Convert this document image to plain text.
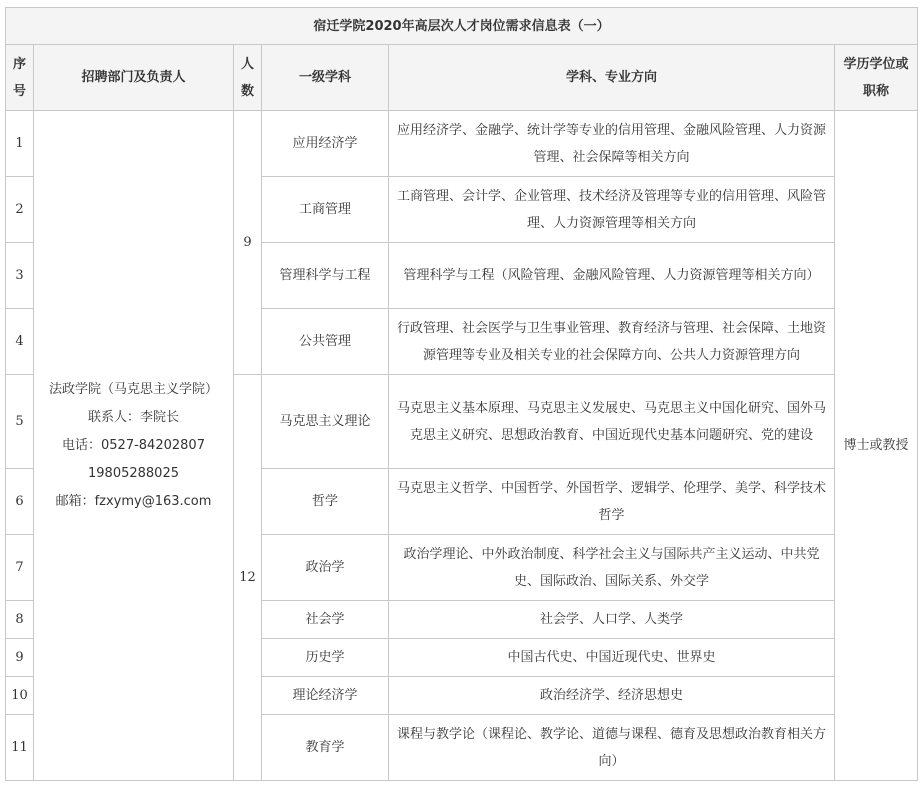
宿迁学院2020年高层次人才岗位需求信息表（一）					
序号	招聘部门及负责人	人数	一级学科	学科、专业方向	学历学位或职称
1	法政学院（马克思主义学院）
联系人：李院长
电话：0527-84202807
19805288025
邮箱：fzxymy@163.com	9	应用经济学	应用经济学、金融学、统计学等专业的信用管理、金融风险管理、人力资源管理、社会保障等相关方向	博士或教授
2			工商管理	工商管理、会计学、企业管理、技术经济及管理等专业的信用管理、风险管理、人力资源管理等相关方向	
3			管理科学与工程	管理科学与工程（风险管理、金融风险管理、人力资源管理等相关方向）	
4			公共管理	行政管理、社会医学与卫生事业管理、教育经济与管理、社会保障、土地资源管理等专业及相关专业的社会保障方向、公共人力资源管理方向	
5		12	马克思主义理论	马克思主义基本原理、马克思主义发展史、马克思主义中国化研究、国外马克思主义研究、思想政治教育、中国近现代史基本问题研究、党的建设	
6			哲学	马克思主义哲学、中国哲学、外国哲学、逻辑学、伦理学、美学、科学技术哲学	
7			政治学	政治学理论、中外政治制度、科学社会主义与国际共产主义运动、中共党史、国际政治、国际关系、外交学	
8			社会学	社会学、人口学、人类学	
9			历史学	中国古代史、中国近现代史、世界史	
10			理论经济学	政治经济学、经济思想史	
11			教育学	课程与教学论（课程论、教学论、道德与课程、德育及思想政治教育相关方向）	
